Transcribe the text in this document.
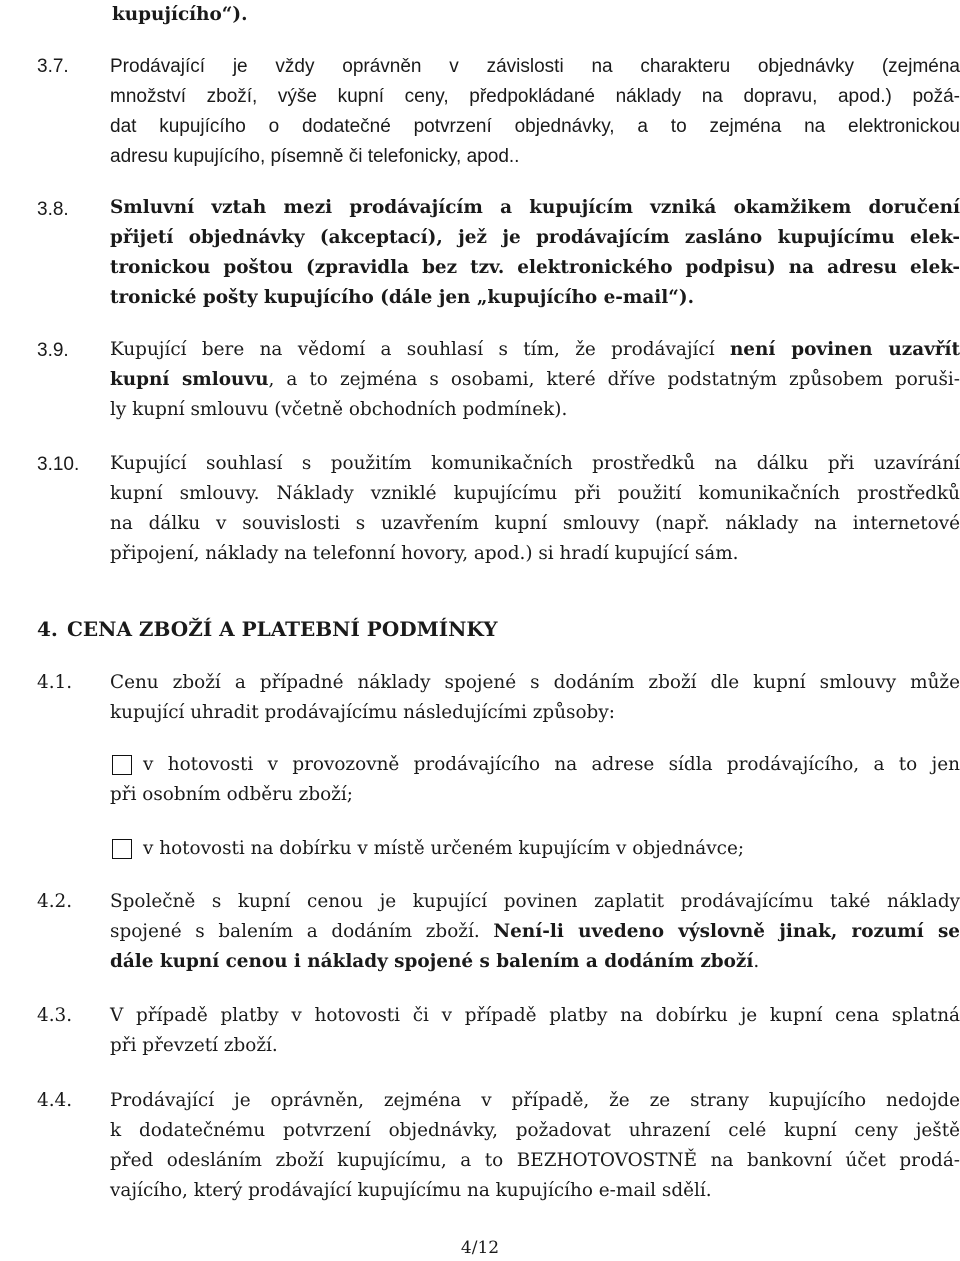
kupujícího“).
3.7. Prodávající je vždy oprávněn v závislosti na charakteru objednávky (zejména
množství zboží, výše kupní ceny, předpokládané náklady na dopravu, apod.) požá-
dat kupujícího o dodatečné potvrzení objednávky, a to zejména na elektronickou
adresu kupujícího, písemně či telefonicky, apod..
3.8. Smluvní vztah mezi prodávajícím a kupujícím vzniká okamžikem doručení
přijetí objednávky (akceptací), jež je prodávajícím zasláno kupujícímu elek-
tronickou poštou (zpravidla bez tzv. elektronického podpisu) na adresu elek-
tronické pošty kupujícího (dále jen „kupujícího e-mail“).
3.9. Kupující bere na vědomí a souhlasí s tím, že prodávající není povinen uzavřít
kupní smlouvu, a to zejména s osobami, které dříve podstatným způsobem poruši-
ly kupní smlouvu (včetně obchodních podmínek).
3.10. Kupující souhlasí s použitím komunikačních prostředků na dálku při uzavírání
kupní smlouvy. Náklady vzniklé kupujícímu při použití komunikačních prostředků
na dálku v souvislosti s uzavřením kupní smlouvy (např. náklady na internetové
připojení, náklady na telefonní hovory, apod.) si hradí kupující sám.
4. CENA ZBOŽÍ A PLATEBNÍ PODMÍNKY
4.1. Cenu zboží a případné náklady spojené s dodáním zboží dle kupní smlouvy může
kupující uhradit prodávajícímu následujícími způsoby:
v hotovosti v provozovně prodávajícího na adrese sídla prodávajícího, a to jen
při osobním odběru zboží;
v hotovosti na dobírku v místě určeném kupujícím v objednávce;
4.2. Společně s kupní cenou je kupující povinen zaplatit prodávajícímu také náklady
spojené s balením a dodáním zboží. Není-li uvedeno výslovně jinak, rozumí se
dále kupní cenou i náklady spojené s balením a dodáním zboží.
4.3. V případě platby v hotovosti či v případě platby na dobírku je kupní cena splatná
při převzetí zboží.
4.4. Prodávající je oprávněn, zejména v případě, že ze strany kupujícího nedojde
k dodatečnému potvrzení objednávky, požadovat uhrazení celé kupní ceny ještě
před odesláním zboží kupujícímu, a to BEZHOTOVOSTNĚ na bankovní účet prodá-
vajícího, který prodávající kupujícímu na kupujícího e-mail sdělí.
4/12
